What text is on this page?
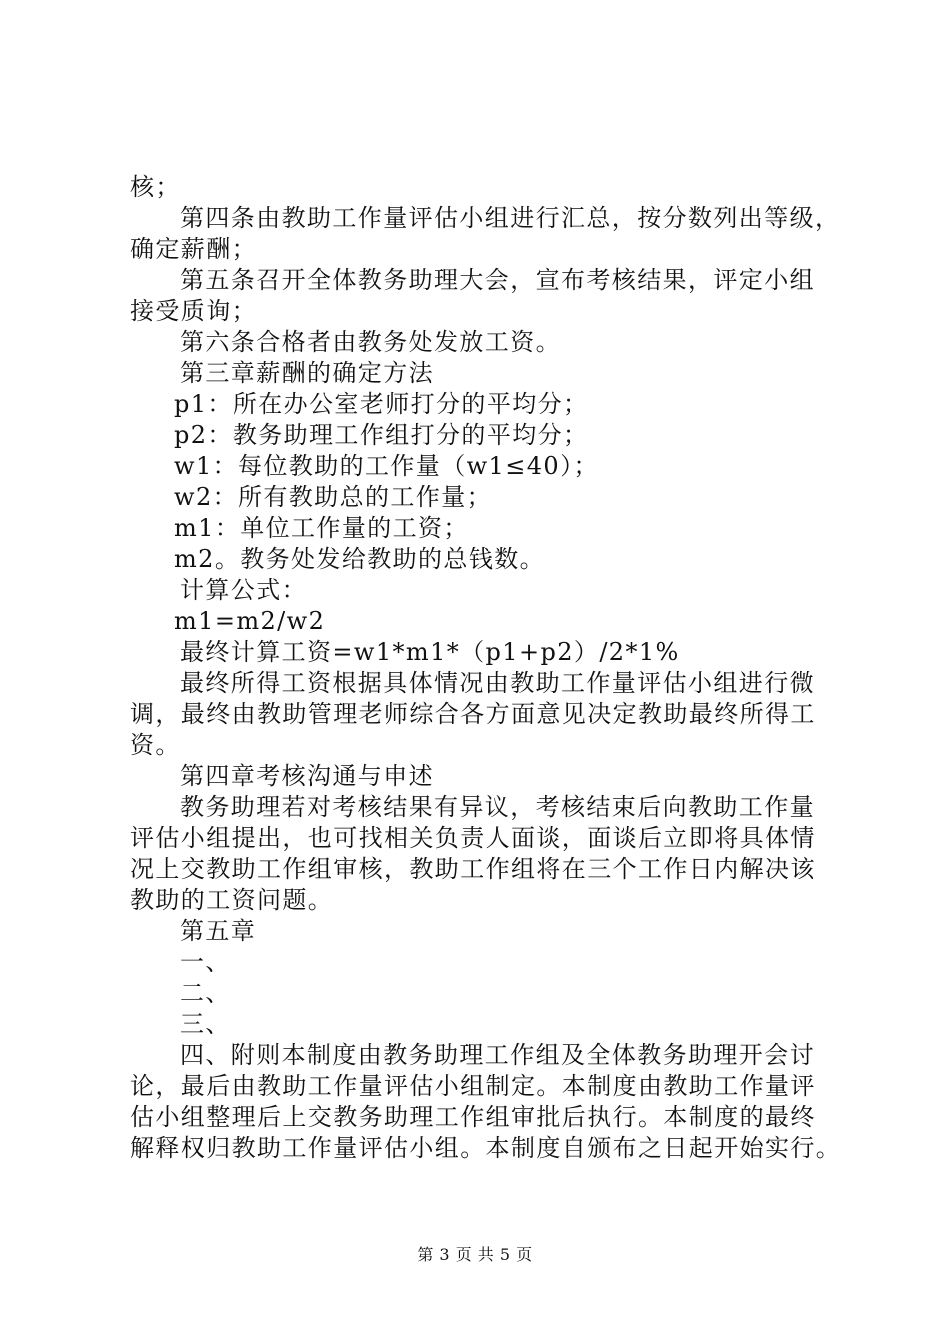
核；
第四条由教助工作量评估小组进行汇总，按分数列出等级，
确定薪酬；
第五条召开全体教务助理大会，宣布考核结果，评定小组
接受质询；
第六条合格者由教务处发放工资。
第三章薪酬的确定方法
p1：所在办公室老师打分的平均分；
p2：教务助理工作组打分的平均分；
w1：每位教助的工作量（w1≤40）；
w2：所有教助总的工作量；
m1：单位工作量的工资；
m2。教务处发给教助的总钱数。
计算公式：
m1=m2/w2
最终计算工资=w1*m1*（p1+p2）/2*1%
最终所得工资根据具体情况由教助工作量评估小组进行微
调，最终由教助管理老师综合各方面意见决定教助最终所得工
资。
第四章考核沟通与申述
教务助理若对考核结果有异议，考核结束后向教助工作量
评估小组提出，也可找相关负责人面谈，面谈后立即将具体情
况上交教助工作组审核，教助工作组将在三个工作日内解决该
教助的工资问题。
第五章
一、
二、
三、
四、附则本制度由教务助理工作组及全体教务助理开会讨
论，最后由教助工作量评估小组制定。本制度由教助工作量评
估小组整理后上交教务助理工作组审批后执行。本制度的最终
解释权归教助工作量评估小组。本制度自颁布之日起开始实行。
第 3 页 共 5 页
